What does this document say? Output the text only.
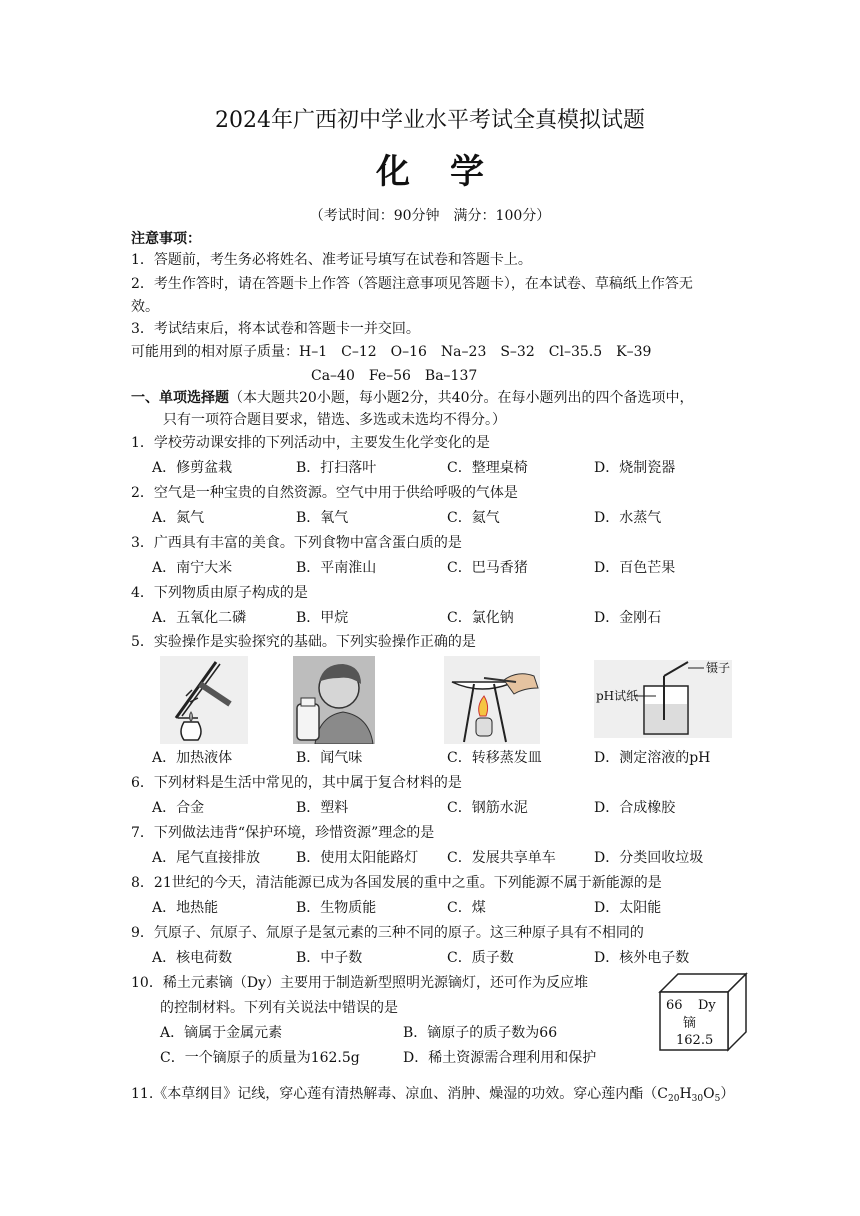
2024年广西初中学业水平考试全真模拟试题
化学
（考试时间：90分钟　满分：100分）
注意事项：
1．答题前，考生务必将姓名、准考证号填写在试卷和答题卡上。
2．考生作答时，请在答题卡上作答（答题注意事项见答题卡），在本试卷、草稿纸上作答无
效。
3．考试结束后，将本试卷和答题卡一并交回。
可能用到的相对原子质量：H–1　C–12　O–16　Na–23　S–32　Cl–35.5　K–39
Ca–40　Fe–56　Ba–137
一、单项选择题（本大题共20小题，每小题2分，共40分。在每小题列出的四个备选项中，
只有一项符合题目要求，错选、多选或未选均不得分。）
1．学校劳动课安排的下列活动中，主要发生化学变化的是
A．修剪盆栽	B．打扫落叶	C．整理桌椅	D．烧制瓷器
2．空气是一种宝贵的自然资源。空气中用于供给呼吸的气体是
A．氮气	B．氧气	C．氦气	D．水蒸气
3．广西具有丰富的美食。下列食物中富含蛋白质的是
A．南宁大米	B．平南淮山	C．巴马香猪	D．百色芒果
4．下列物质由原子构成的是
A．五氧化二磷	B．甲烷	C．氯化钠	D．金刚石
5．实验操作是实验探究的基础。下列实验操作正确的是
镊子
pH试纸
A．加热液体	B．闻气味	C．转移蒸发皿	D．测定溶液的pH
6．下列材料是生活中常见的，其中属于复合材料的是
A．合金	B．塑料	C．钢筋水泥	D．合成橡胶
7．下列做法违背“保护环境，珍惜资源”理念的是
A．尾气直接排放	B．使用太阳能路灯 C．发展共享单车	D．分类回收垃圾
8．21世纪的今天，清洁能源已成为各国发展的重中之重。下列能源不属于新能源的是
A．地热能	B．生物质能	C．煤	D．太阳能
9．氕原子、氘原子、氚原子是氢元素的三种不同的原子。这三种原子具有不相同的
A．核电荷数	B．中子数	C．质子数	D．核外电子数
10．稀土元素镝（Dy）主要用于制造新型照明光源镝灯，还可作为反应堆
的控制材料。下列有关说法中错误的是
A．镝属于金属元素	B．镝原子的质子数为66
C．一个镝原子的质量为162.5g	D．稀土资源需合理利用和保护
66 Dy
镝
162.5
11.《本草纲目》记线，穿心莲有清热解毒、凉血、消肿、燥湿的功效。穿心莲内酯$(C_{20}H_{30}O_5)$
